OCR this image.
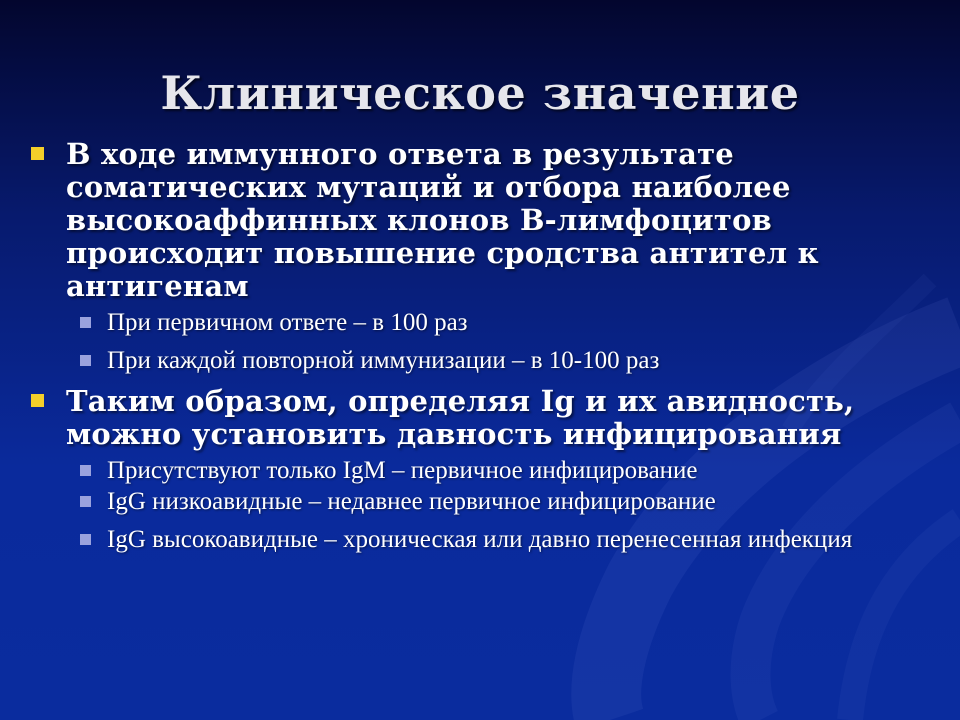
Клиническое значение
В ходе иммунного ответа в результате соматических мутаций и отбора наиболее высокоаффинных клонов В-лимфоцитов происходит повышение сродства антител к антигенам
При первичном ответе – в 100 раз
При каждой повторной иммунизации – в 10-100 раз
Таким образом, определяя Ig и их авидность, можно установить давность инфицирования
Присутствуют только IgM – первичное инфицирование
IgG низкоавидные – недавнее первичное инфицирование
IgG высокоавидные – хроническая или давно перенесенная инфекция
